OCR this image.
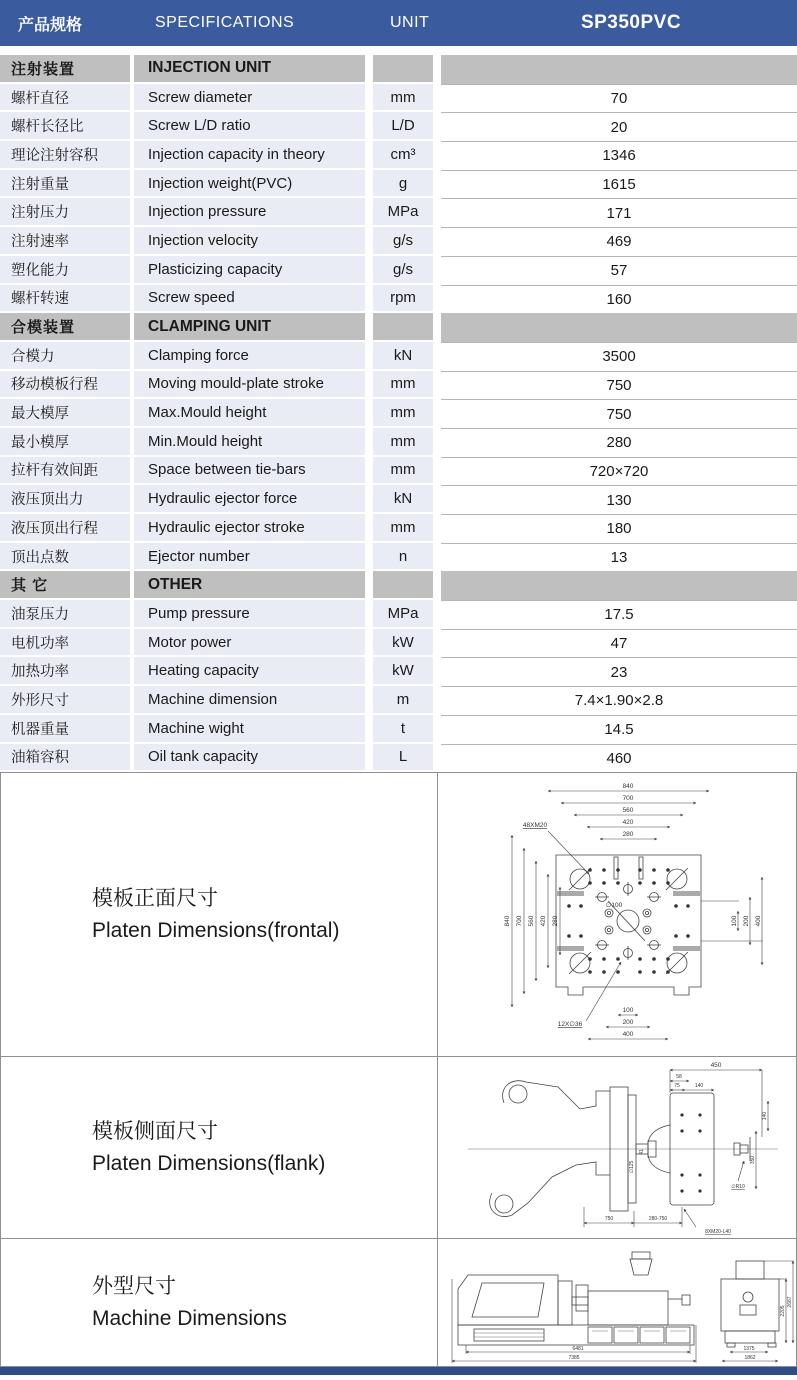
产品规格	SPECIFICATIONS	UNIT	SP350PVC
注射装置	INJECTION UNIT
螺杆直径	Screw diameter	mm	70
螺杆长径比	Screw L/D ratio	L/D	20
理论注射容积	Injection capacity in theory	cm³	1346
注射重量	Injection weight(PVC)	g	1615
注射压力	Injection pressure	MPa	171
注射速率	Injection velocity	g/s	469
塑化能力	Plasticizing capacity	g/s	57
螺杆转速	Screw speed	rpm	160
合模装置	CLAMPING UNIT
合模力	Clamping force	kN	3500
移动模板行程	Moving mould-plate stroke	mm	750
最大模厚	Max.Mould height	mm	750
最小模厚	Min.Mould height	mm	280
拉杆有效间距	Space between tie-bars	mm	720×720
液压顶出力	Hydraulic ejector force	kN	130
液压顶出行程	Hydraulic ejector stroke	mm	180
顶出点数	Ejector number	n	13
其 它	OTHER
油泵压力	Pump pressure	MPa	17.5
电机功率	Motor power	kW	47
加热功率	Heating capacity	kW	23
外形尺寸	Machine dimension	m	7.4×1.90×2.8
机器重量	Machine wight	t	14.5
油箱容积	Oil tank capacity	L	460
模板正面尺寸
Platen Dimensions(frontal)
840
700
560
420
280
840 700 560 420 280	100 200 400
100
200
400
48XM20
∅100
12X∅36
模板侧面尺寸
Platen Dimensions(flank)
450
58
75	140
140
350
∅125
41
750	280-750
8XM20-L40
∅R10
外型尺寸
Machine Dimensions
6481
7385
1375
1862
2205
2687
